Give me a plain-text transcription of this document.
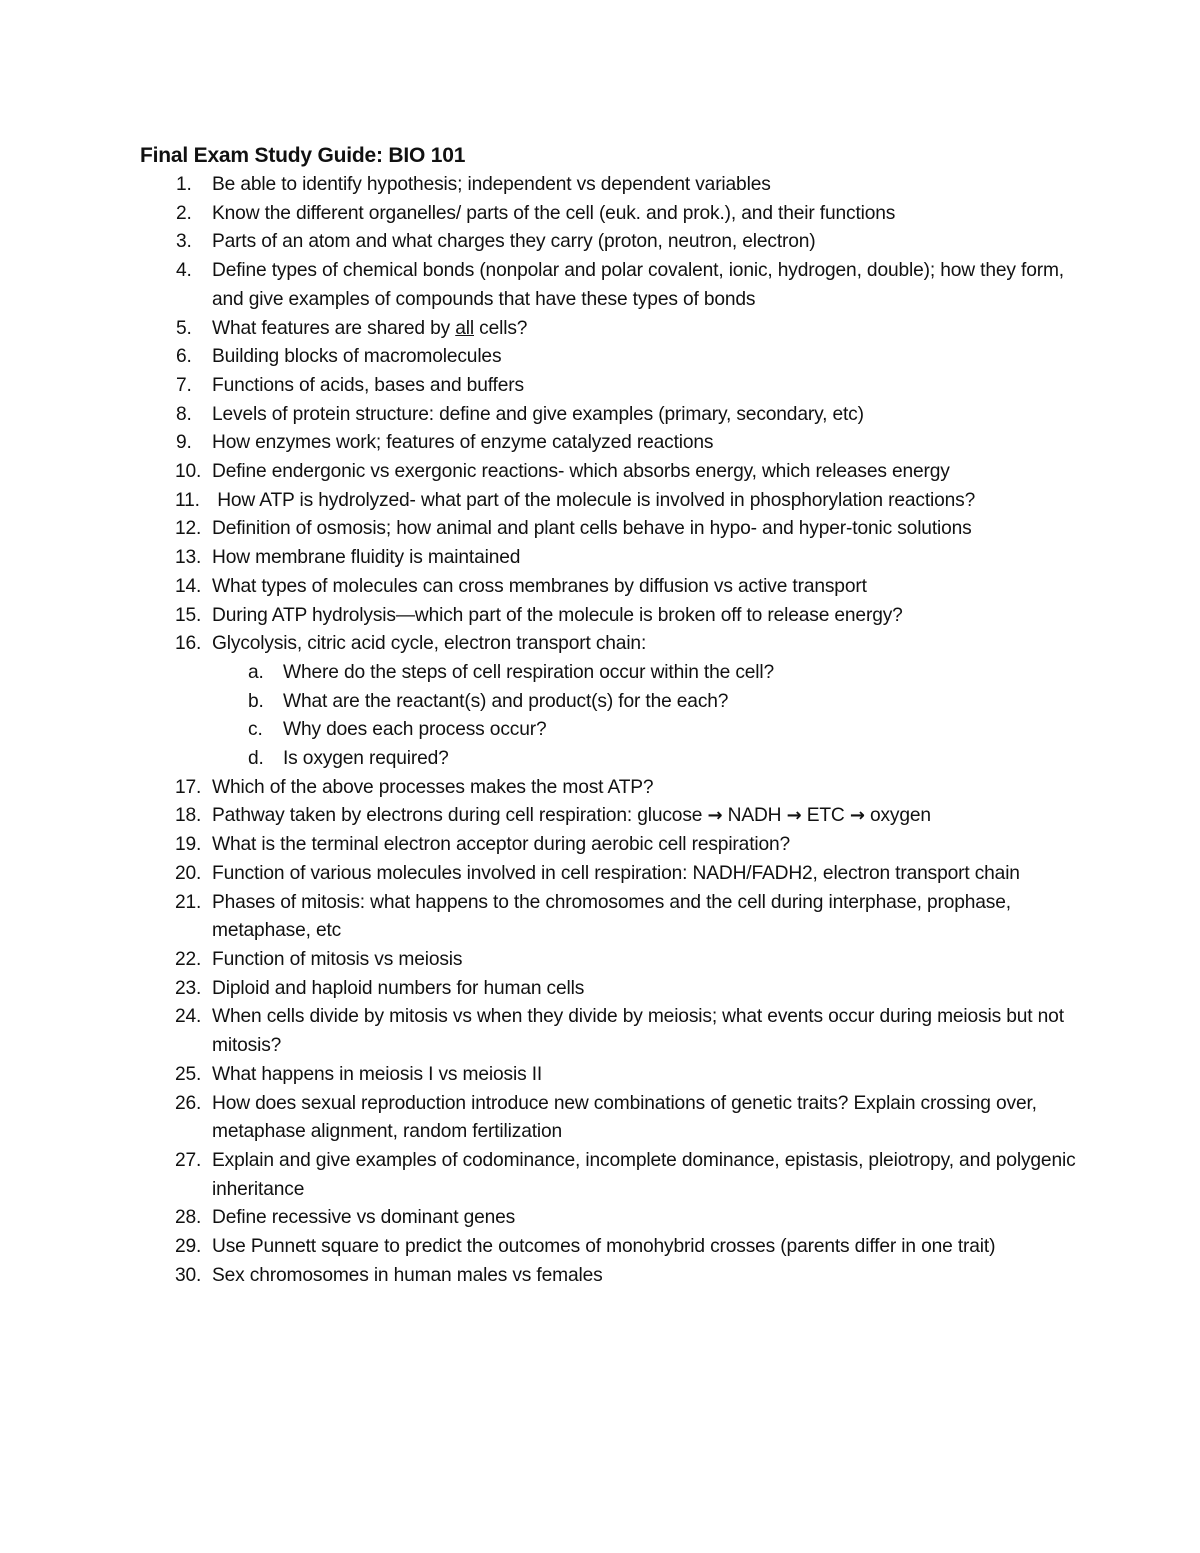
Final Exam Study Guide: BIO 101
1. Be able to identify hypothesis; independent vs dependent variables
2. Know the different organelles/ parts of the cell (euk. and prok.), and their functions
3. Parts of an atom and what charges they carry (proton, neutron, electron)
4. Define types of chemical bonds (nonpolar and polar covalent, ionic, hydrogen, double); how they form, and give examples of compounds that have these types of bonds
5. What features are shared by all cells?
6. Building blocks of macromolecules
7. Functions of acids, bases and buffers
8. Levels of protein structure: define and give examples (primary, secondary, etc)
9. How enzymes work; features of enzyme catalyzed reactions
10. Define endergonic vs exergonic reactions- which absorbs energy, which releases energy
11. How ATP is hydrolyzed- what part of the molecule is involved in phosphorylation reactions?
12. Definition of osmosis; how animal and plant cells behave in hypo- and hyper-tonic solutions
13. How membrane fluidity is maintained
14. What types of molecules can cross membranes by diffusion vs active transport
15. During ATP hydrolysis—which part of the molecule is broken off to release energy?
16. Glycolysis, citric acid cycle, electron transport chain:
a. Where do the steps of cell respiration occur within the cell?
b. What are the reactant(s) and product(s) for the each?
c. Why does each process occur?
d. Is oxygen required?
17. Which of the above processes makes the most ATP?
18. Pathway taken by electrons during cell respiration: glucose → NADH → ETC → oxygen
19. What is the terminal electron acceptor during aerobic cell respiration?
20. Function of various molecules involved in cell respiration: NADH/FADH2, electron transport chain
21. Phases of mitosis: what happens to the chromosomes and the cell during interphase, prophase, metaphase, etc
22. Function of mitosis vs meiosis
23. Diploid and haploid numbers for human cells
24. When cells divide by mitosis vs when they divide by meiosis; what events occur during meiosis but not mitosis?
25. What happens in meiosis I vs meiosis II
26. How does sexual reproduction introduce new combinations of genetic traits? Explain crossing over, metaphase alignment, random fertilization
27. Explain and give examples of codominance, incomplete dominance, epistasis, pleiotropy, and polygenic inheritance
28. Define recessive vs dominant genes
29. Use Punnett square to predict the outcomes of monohybrid crosses (parents differ in one trait)
30. Sex chromosomes in human males vs females
